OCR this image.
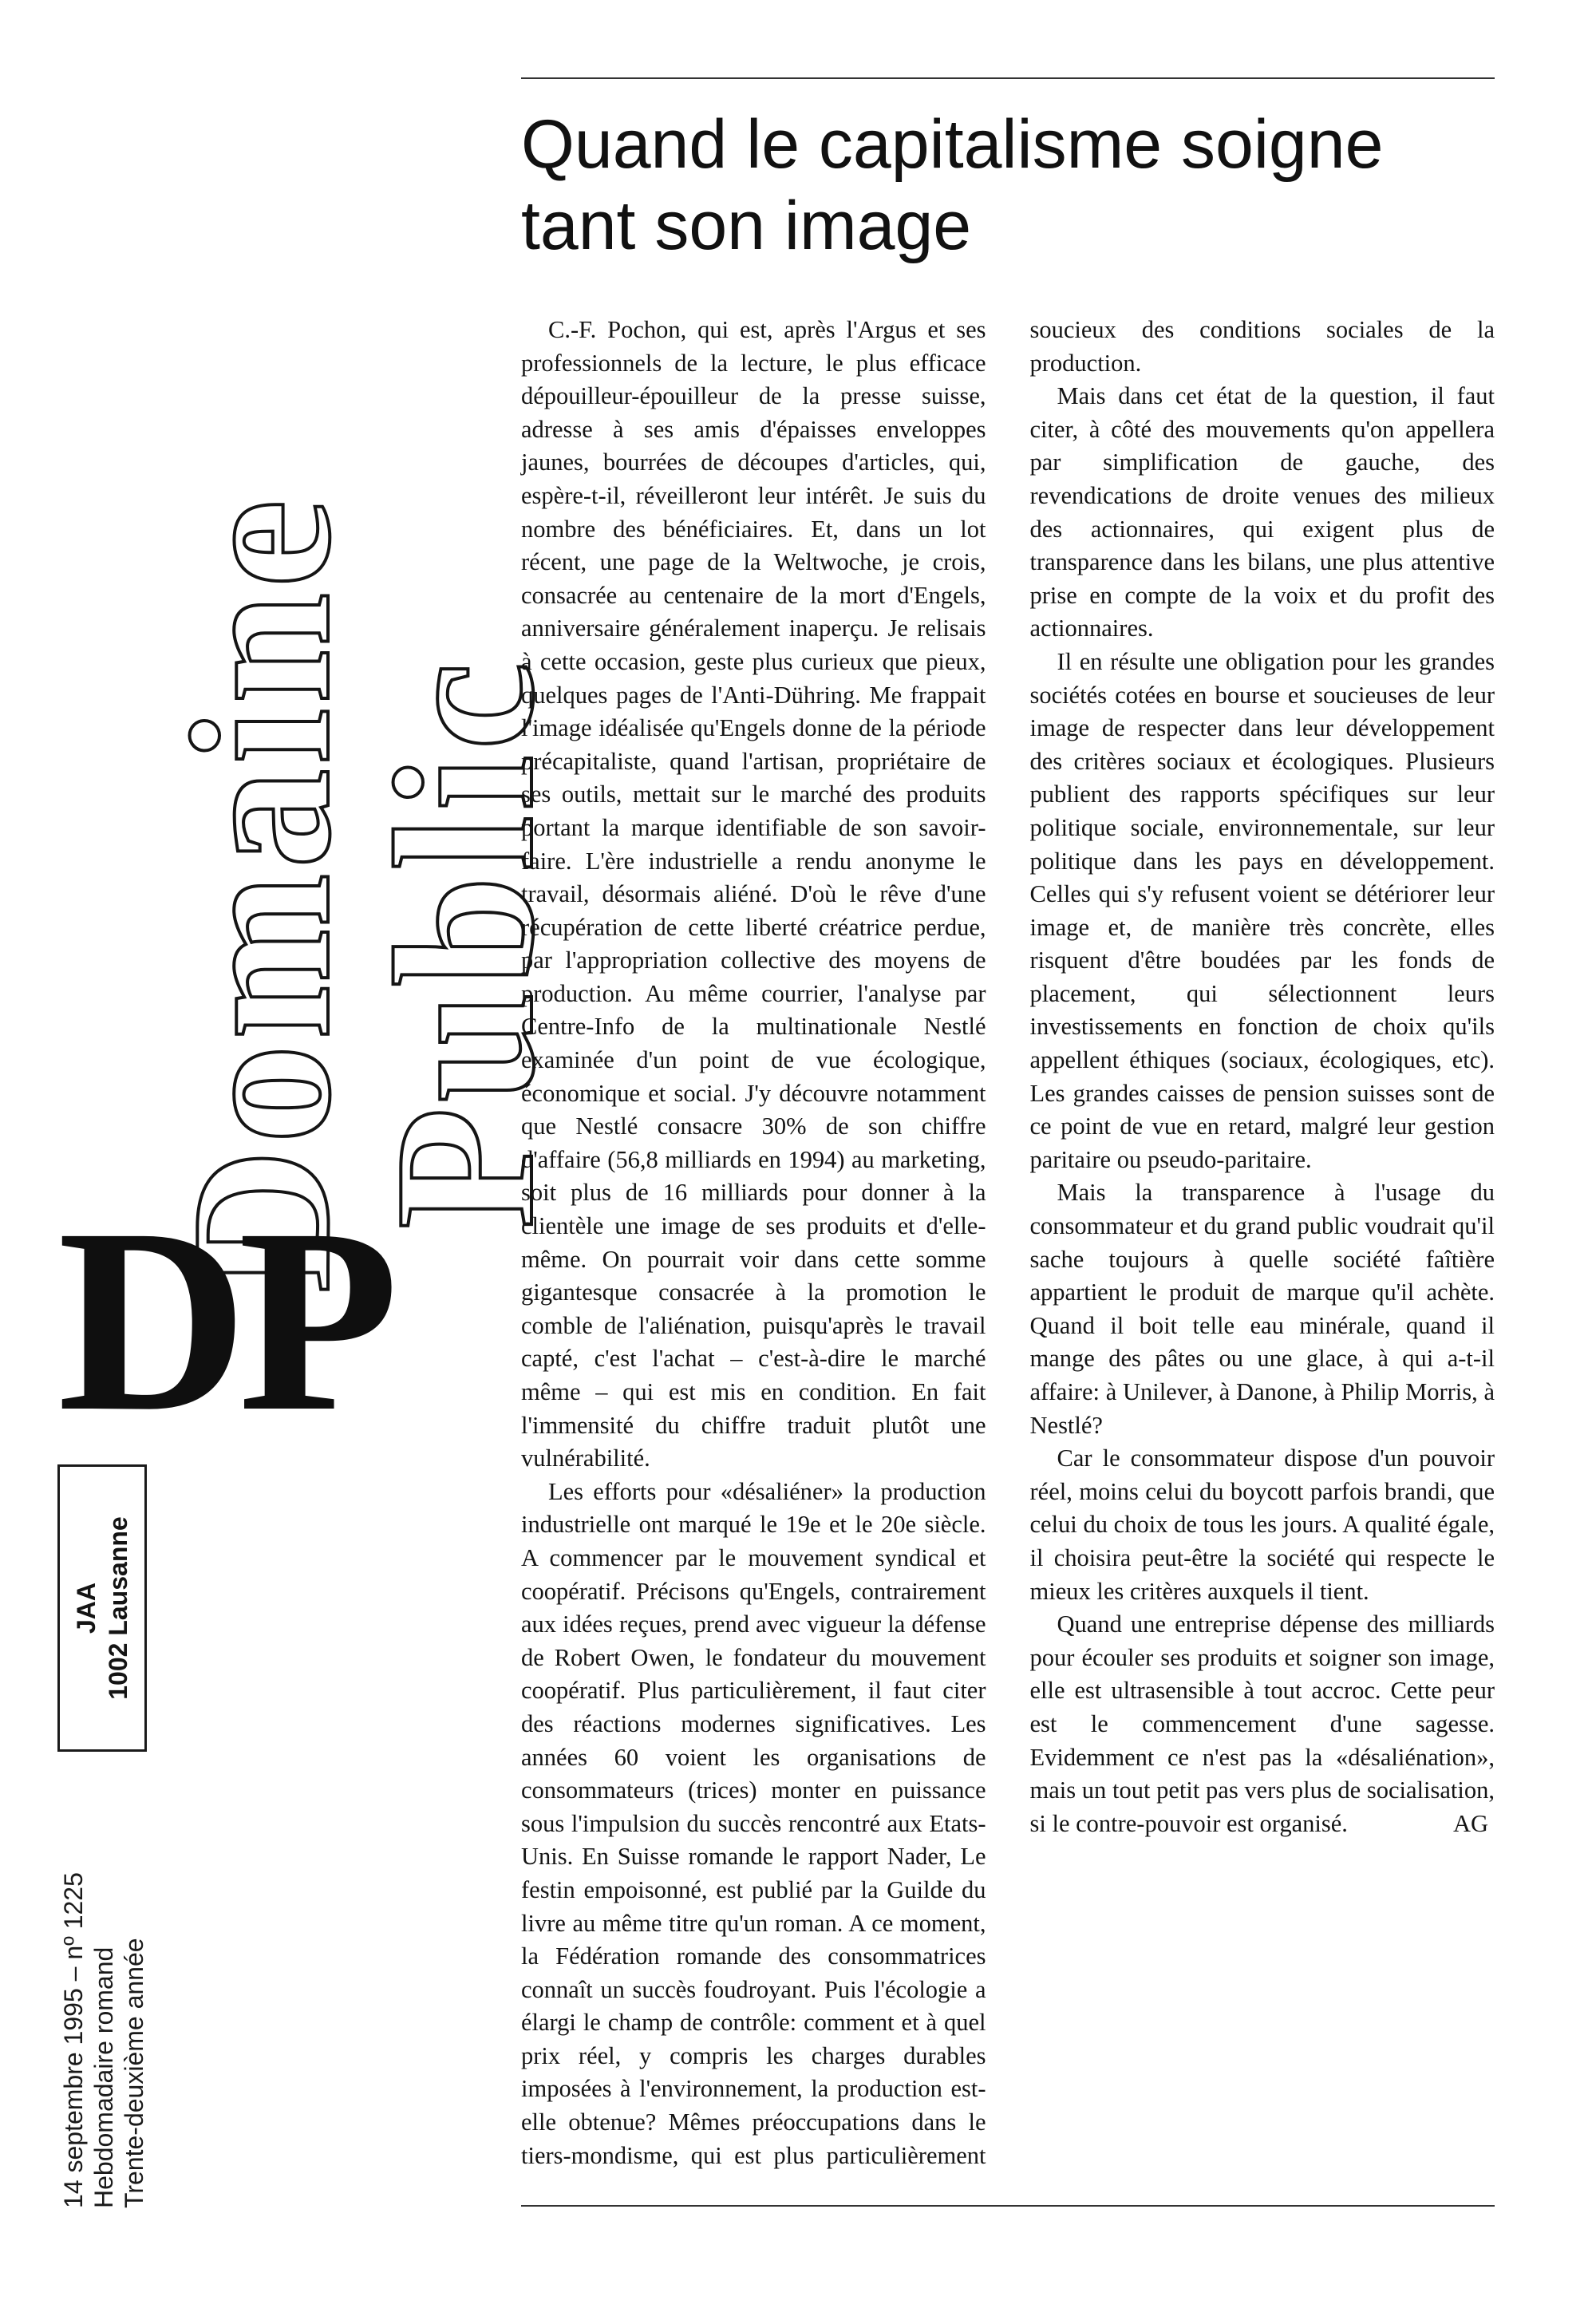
Domaine
Public
DP
JAA 1002 Lausanne
14 septembre 1995 – nº 1225 Hebdomadaire romand Trente-deuxième année
Quand le capitalisme soigne tant son image

C.-F. Pochon, qui est, après l'Argus et ses professionnels de la lecture, le plus efficace dépouilleur-épouilleur de la presse suisse, adresse à ses amis d'épaisses enveloppes jaunes, bourrées de découpes d'articles, qui, espère-t-il, réveilleront leur intérêt. Je suis du nombre des bénéficiaires. Et, dans un lot récent, une page de la Weltwoche, je crois, consacrée au centenaire de la mort d'Engels, anniversaire généralement inaperçu. Je relisais à cette occasion, geste plus curieux que pieux, quelques pages de l'Anti-Dühring. Me frappait l'image idéalisée qu'Engels donne de la période précapitaliste, quand l'artisan, propriétaire de ses outils, mettait sur le marché des produits portant la marque identifiable de son savoir-faire. L'ère industrielle a rendu anonyme le travail, désormais aliéné. D'où le rêve d'une récupération de cette liberté créatrice perdue, par l'appropriation collective des moyens de production. Au même courrier, l'analyse par Centre-Info de la multinationale Nestlé examinée d'un point de vue écologique, économique et social. J'y découvre notamment que Nestlé consacre 30% de son chiffre d'affaire (56,8 milliards en 1994) au marketing, soit plus de 16 milliards pour donner à la clientèle une image de ses produits et d'elle-même. On pourrait voir dans cette somme gigantesque consacrée à la promotion le comble de l'aliénation, puisqu'après le travail capté, c'est l'achat – c'est-à-dire le marché même – qui est mis en condition. En fait l'immensité du chiffre traduit plutôt une vulnérabilité.

Les efforts pour «désaliéner» la production industrielle ont marqué le 19e et le 20e siècle. A commencer par le mouvement syndical et coopératif. Précisons qu'Engels, contrairement aux idées reçues, prend avec vigueur la défense de Robert Owen, le fondateur du mouvement coopératif. Plus particulièrement, il faut citer des réactions modernes significatives. Les années 60 voient les organisations de consommateurs (trices) monter en puissance sous l'impulsion du succès rencontré aux Etats-Unis. En Suisse romande le rapport Nader, Le festin empoisonné, est publié par la Guilde du livre au même titre qu'un roman. A ce moment, la Fédération romande des consommatrices connaît un succès foudroyant. Puis l'écologie a élargi le champ de contrôle: comment et à quel prix réel, y compris les charges durables imposées à l'environnement, la production est-elle obtenue? Mêmes préoccupations dans le tiers-mondisme, qui est plus particulièrement soucieux des conditions sociales de la production.

Mais dans cet état de la question, il faut citer, à côté des mouvements qu'on appellera par simplification de gauche, des revendications de droite venues des milieux des actionnaires, qui exigent plus de transparence dans les bilans, une plus attentive prise en compte de la voix et du profit des actionnaires.

Il en résulte une obligation pour les grandes sociétés cotées en bourse et soucieuses de leur image de respecter dans leur développement des critères sociaux et écologiques. Plusieurs publient des rapports spécifiques sur leur politique sociale, environnementale, sur leur politique dans les pays en développement. Celles qui s'y refusent voient se détériorer leur image et, de manière très concrète, elles risquent d'être boudées par les fonds de placement, qui sélectionnent leurs investissements en fonction de choix qu'ils appellent éthiques (sociaux, écologiques, etc). Les grandes caisses de pension suisses sont de ce point de vue en retard, malgré leur gestion paritaire ou pseudo-paritaire.

Mais la transparence à l'usage du consommateur et du grand public voudrait qu'il sache toujours à quelle société faîtière appartient le produit de marque qu'il achète. Quand il boit telle eau minérale, quand il mange des pâtes ou une glace, à qui a-t-il affaire: à Unilever, à Danone, à Philip Morris, à Nestlé?

Car le consommateur dispose d'un pouvoir réel, moins celui du boycott parfois brandi, que celui du choix de tous les jours. A qualité égale, il choisira peut-être la société qui respecte le mieux les critères auxquels il tient.

Quand une entreprise dépense des milliards pour écouler ses produits et soigner son image, elle est ultrasensible à tout accroc. Cette peur est le commencement d'une sagesse. Evidemment ce n'est pas la «désaliénation», mais un tout petit pas vers plus de socialisation, si le contre-pouvoir est organisé.	AG
